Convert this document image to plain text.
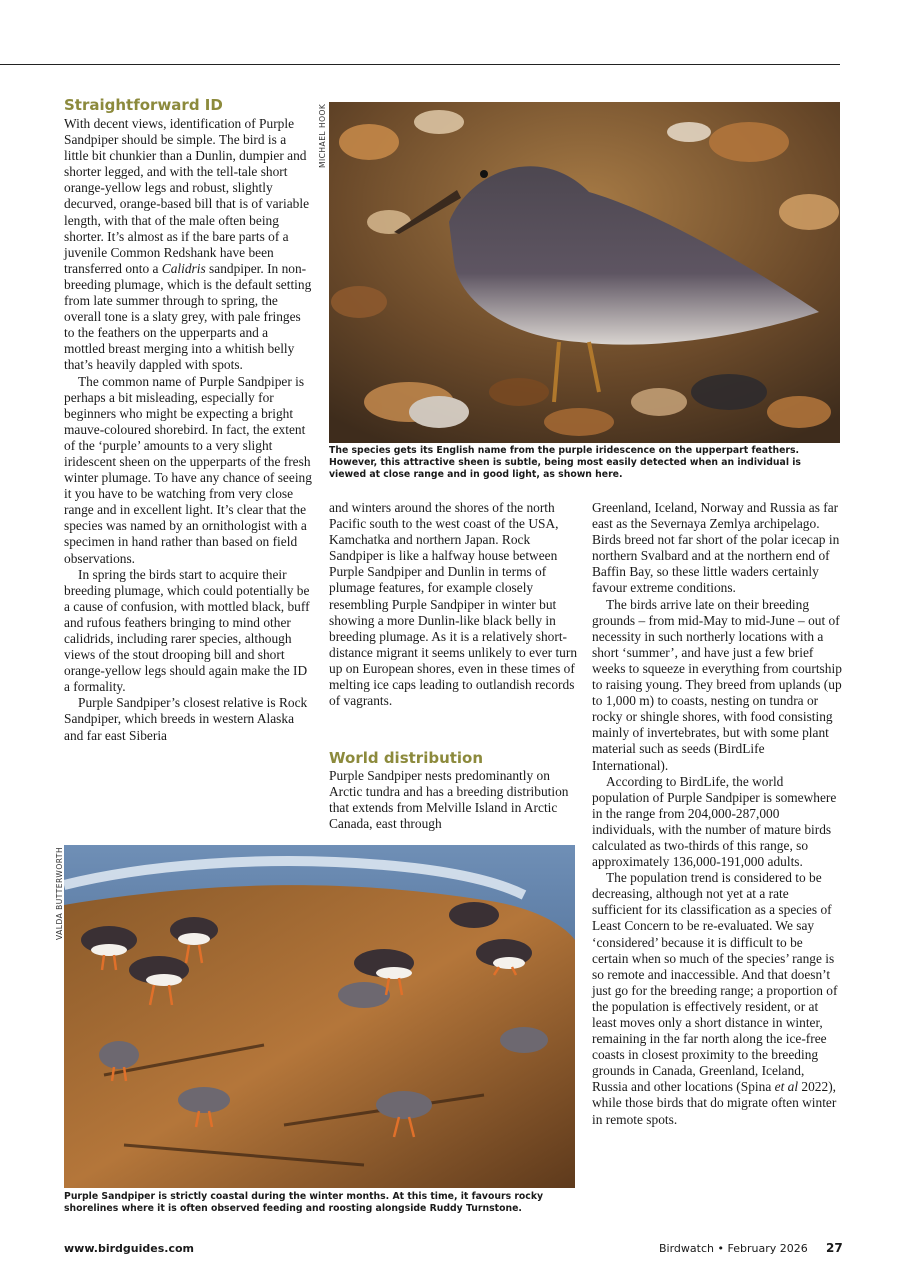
Straightforward ID

With decent views, identification of Purple Sandpiper should be simple. The bird is a little bit chunkier than a Dunlin, dumpier and shorter legged, and with the tell-tale short orange-yellow legs and robust, slightly decurved, orange-based bill that is of variable length, with that of the male often being shorter. It’s almost as if the bare parts of a juvenile Common Redshank have been transferred onto a Calidris sandpiper. In non-breeding plumage, which is the default setting from late summer through to spring, the overall tone is a slaty grey, with pale fringes to the feathers on the upperparts and a mottled breast merging into a whitish belly that’s heavily dappled with spots.

The common name of Purple Sandpiper is perhaps a bit misleading, especially for beginners who might be expecting a bright mauve-coloured shorebird. In fact, the extent of the ‘purple’ amounts to a very slight iridescent sheen on the upperparts of the fresh winter plumage. To have any chance of seeing it you have to be watching from very close range and in excellent light. It’s clear that the species was named by an ornithologist with a specimen in hand rather than based on field observations.

In spring the birds start to acquire their breeding plumage, which could potentially be a cause of confusion, with mottled black, buff and rufous feathers bringing to mind other calidrids, including rarer species, although views of the stout drooping bill and short orange-yellow legs should again make the ID a formality.

Purple Sandpiper’s closest relative is Rock Sandpiper, which breeds in western Alaska and far east Siberia

MICHAEL HOOK
The species gets its English name from the purple iridescence on the upperpart feathers. However, this attractive sheen is subtle, being most easily detected when an individual is viewed at close range and in good light, as shown here.

and winters around the shores of the north Pacific south to the west coast of the USA, Kamchatka and northern Japan. Rock Sandpiper is like a halfway house between Purple Sandpiper and Dunlin in terms of plumage features, for example closely resembling Purple Sandpiper in winter but showing a more Dunlin-like black belly in breeding plumage. As it is a relatively short-distance migrant it seems unlikely to ever turn up on European shores, even in these times of melting ice caps leading to outlandish records of vagrants.

World distribution

Purple Sandpiper nests predominantly on Arctic tundra and has a breeding distribution that extends from Melville Island in Arctic Canada, east through

Greenland, Iceland, Norway and Russia as far east as the Severnaya Zemlya archipelago. Birds breed not far short of the polar icecap in northern Svalbard and at the northern end of Baffin Bay, so these little waders certainly favour extreme conditions.

The birds arrive late on their breeding grounds – from mid-May to mid-June – out of necessity in such northerly locations with a short ‘summer’, and have just a few brief weeks to squeeze in everything from courtship to raising young. They breed from uplands (up to 1,000 m) to coasts, nesting on tundra or rocky or shingle shores, with food consisting mainly of invertebrates, but with some plant material such as seeds (BirdLife International).

According to BirdLife, the world population of Purple Sandpiper is somewhere in the range from 204,000-287,000 individuals, with the number of mature birds calculated as two-thirds of this range, so approximately 136,000-191,000 adults.

The population trend is considered to be decreasing, although not yet at a rate sufficient for its classification as a species of Least Concern to be re-evaluated. We say ‘considered’ because it is difficult to be certain when so much of the species’ range is so remote and inaccessible. And that doesn’t just go for the breeding range; a proportion of the population is effectively resident, or at least moves only a short distance in winter, remaining in the far north along the ice-free coasts in closest proximity to the breeding grounds in Canada, Greenland, Iceland, Russia and other locations (Spina et al 2022), while those birds that do migrate often winter in remote spots.

VALDA BUTTERWORTH
Purple Sandpiper is strictly coastal during the winter months. At this time, it favours rocky shorelines where it is often observed feeding and roosting alongside Ruddy Turnstone.
www.birdguides.com	Birdwatch • February 2026 27
